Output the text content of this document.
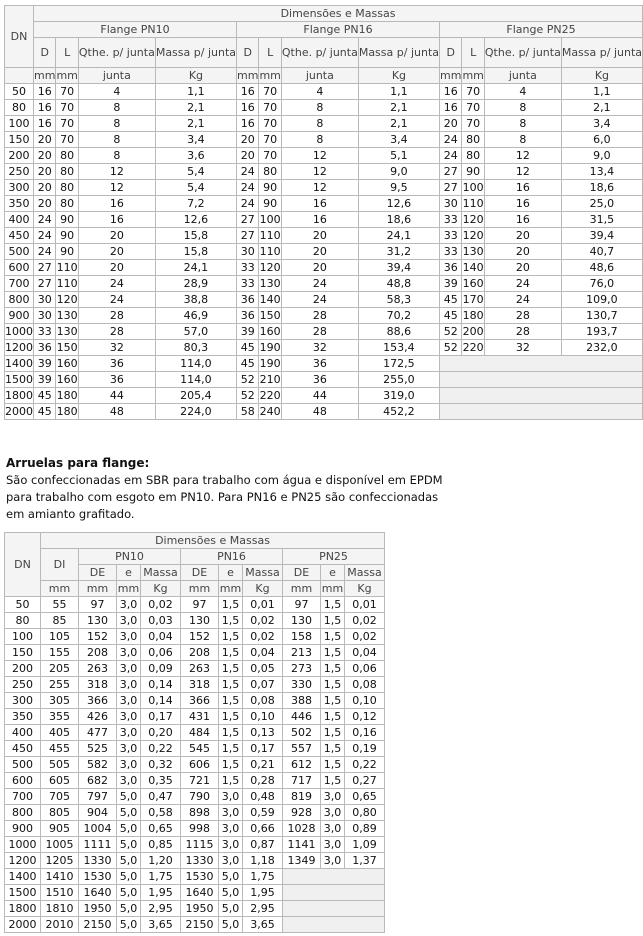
DN	Dimensões e Massas											
	Flange PN10				Flange PN16				Flange PN25			
	D	L	Qthe. p/ junta	Massa p/ junta	D	L	Qthe. p/ junta	Massa p/ junta	D	L	Qthe. p/ junta	Massa p/ junta
	mm	mm	junta	Kg	mm	mm	junta	Kg	mm	mm	junta	Kg
50	16	70	4	1,1	16	70	4	1,1	16	70	4	1,1
80	16	70	8	2,1	16	70	8	2,1	16	70	8	2,1
100	16	70	8	2,1	16	70	8	2,1	20	70	8	3,4
150	20	70	8	3,4	20	70	8	3,4	24	80	8	6,0
200	20	80	8	3,6	20	70	12	5,1	24	80	12	9,0
250	20	80	12	5,4	24	80	12	9,0	27	90	12	13,4
300	20	80	12	5,4	24	90	12	9,5	27	100	16	18,6
350	20	80	16	7,2	24	90	16	12,6	30	110	16	25,0
400	24	90	16	12,6	27	100	16	18,6	33	120	16	31,5
450	24	90	20	15,8	27	110	20	24,1	33	120	20	39,4
500	24	90	20	15,8	30	110	20	31,2	33	130	20	40,7
600	27	110	20	24,1	33	120	20	39,4	36	140	20	48,6
700	27	110	24	28,9	33	130	24	48,8	39	160	24	76,0
800	30	120	24	38,8	36	140	24	58,3	45	170	24	109,0
900	30	130	28	46,9	36	150	28	70,2	45	180	28	130,7
1000	33	130	28	57,0	39	160	28	88,6	52	200	28	193,7
1200	36	150	32	80,3	45	190	32	153,4	52	220	32	232,0
1400	39	160	36	114,0	45	190	36	172,5				
1500	39	160	36	114,0	52	210	36	255,0				
1800	45	180	44	205,4	52	220	44	319,0				
2000	45	180	48	224,0	58	240	48	452,2				
Arruelas para flange:
São confeccionadas em SBR para trabalho com água e disponível em EPDM para trabalho com esgoto em PN10. Para PN16 e PN25 são confeccionadas em amianto grafitado.
DN	Dimensões e Massas									
	DI	PN10			PN16			PN25		
		DE	e	Massa	DE	e	Massa	DE	e	Massa
	mm	mm	mm	Kg	mm	mm	Kg	mm	mm	Kg
50	55	97	3,0	0,02	97	1,5	0,01	97	1,5	0,01
80	85	130	3,0	0,03	130	1,5	0,02	130	1,5	0,02
100	105	152	3,0	0,04	152	1,5	0,02	158	1,5	0,02
150	155	208	3,0	0,06	208	1,5	0,04	213	1,5	0,04
200	205	263	3,0	0,09	263	1,5	0,05	273	1,5	0,06
250	255	318	3,0	0,14	318	1,5	0,07	330	1,5	0,08
300	305	366	3,0	0,14	366	1,5	0,08	388	1,5	0,10
350	355	426	3,0	0,17	431	1,5	0,10	446	1,5	0,12
400	405	477	3,0	0,20	484	1,5	0,13	502	1,5	0,16
450	455	525	3,0	0,22	545	1,5	0,17	557	1,5	0,19
500	505	582	3,0	0,32	606	1,5	0,21	612	1,5	0,22
600	605	682	3,0	0,35	721	1,5	0,28	717	1,5	0,27
700	705	797	5,0	0,47	790	3,0	0,48	819	3,0	0,65
800	805	904	5,0	0,58	898	3,0	0,59	928	3,0	0,80
900	905	1004	5,0	0,65	998	3,0	0,66	1028	3,0	0,89
1000	1005	1111	5,0	0,85	1115	3,0	0,87	1141	3,0	1,09
1200	1205	1330	5,0	1,20	1330	3,0	1,18	1349	3,0	1,37
1400	1410	1530	5,0	1,75	1530	5,0	1,75			
1500	1510	1640	5,0	1,95	1640	5,0	1,95			
1800	1810	1950	5,0	2,95	1950	5,0	2,95			
2000	2010	2150	5,0	3,65	2150	5,0	3,65			
